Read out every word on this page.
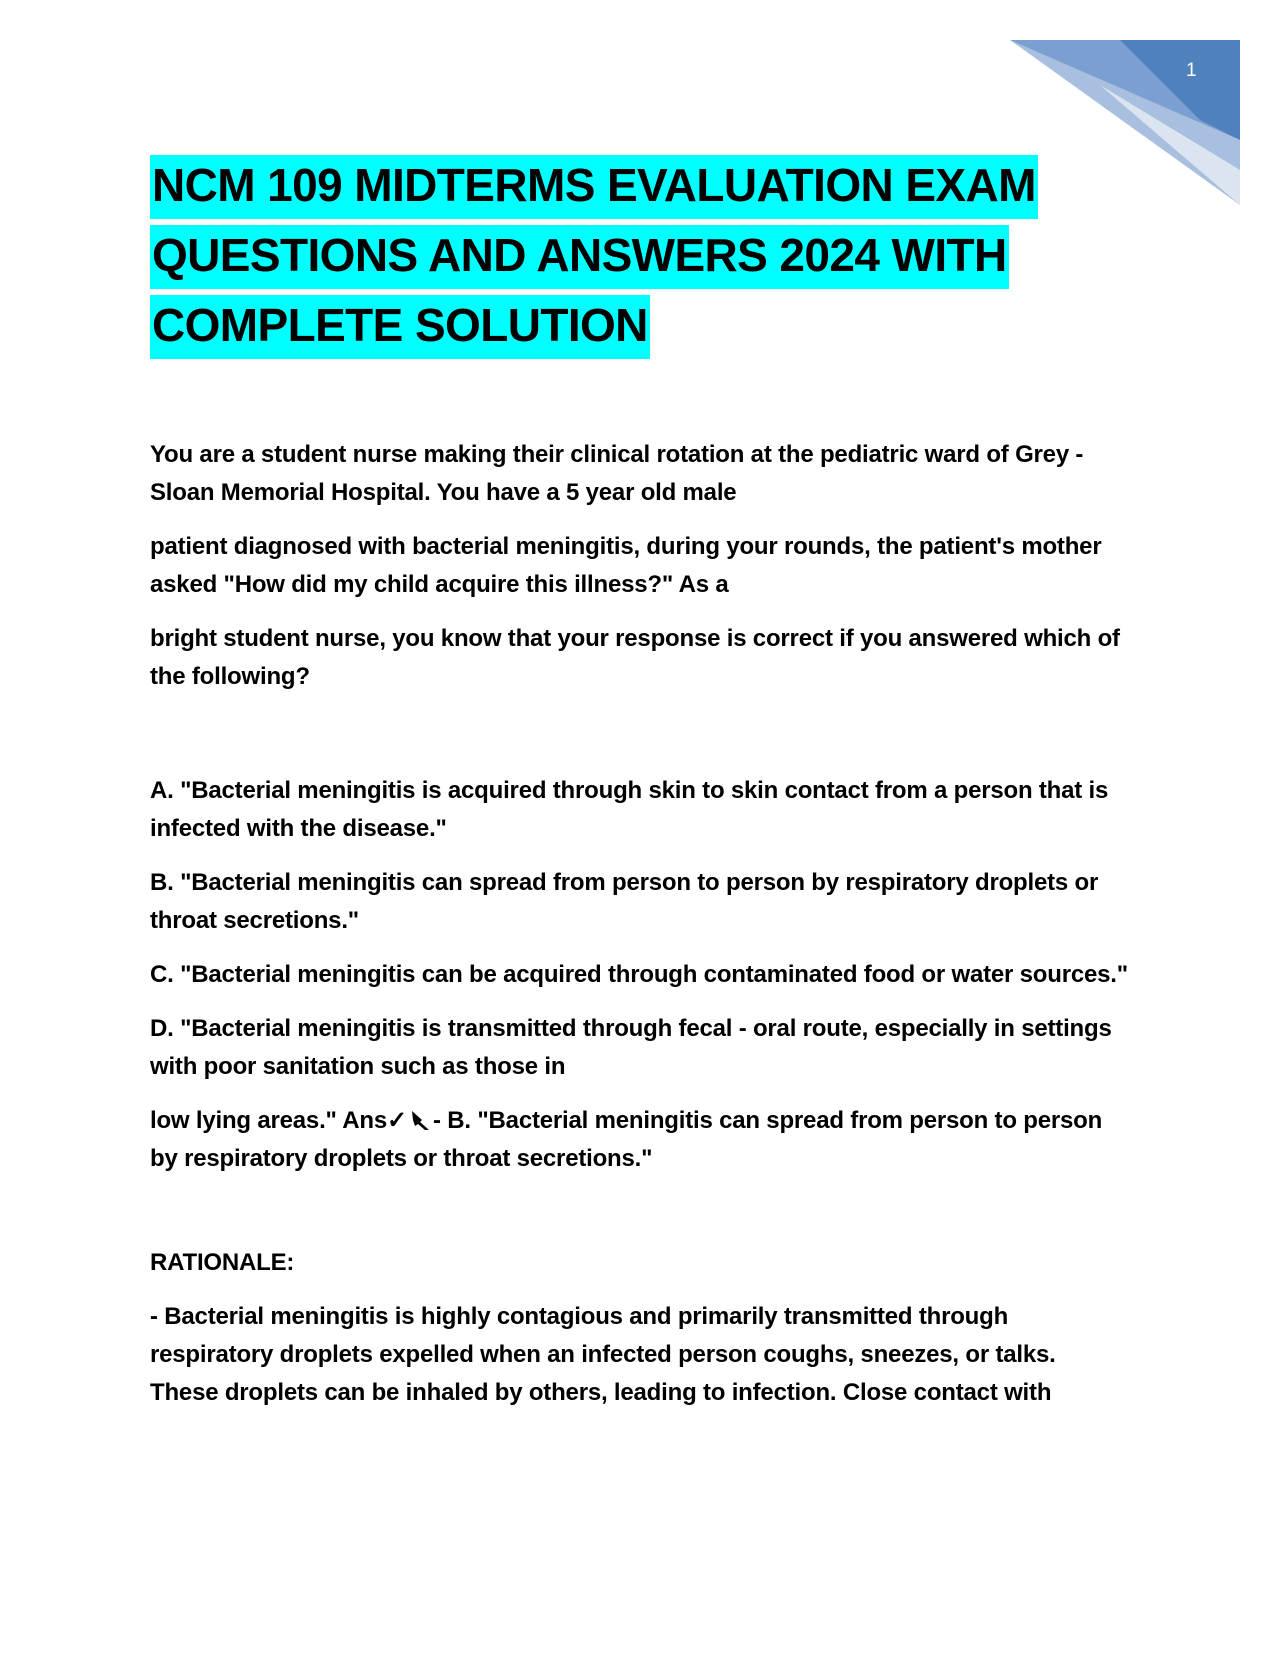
1
NCM 109 MIDTERMS EVALUATION EXAM
QUESTIONS AND ANSWERS 2024 WITH
COMPLETE SOLUTION

You are a student nurse making their clinical rotation at the pediatric ward of Grey - Sloan Memorial Hospital. You have a 5 year old male

patient diagnosed with bacterial meningitis, during your rounds, the patient's mother asked "How did my child acquire this illness?" As a

bright student nurse, you know that your response is correct if you answered which of the following?

A. "Bacterial meningitis is acquired through skin to skin contact from a person that is infected with the disease."

B. "Bacterial meningitis can spread from person to person by respiratory droplets or throat secretions."

C. "Bacterial meningitis can be acquired through contaminated food or water sources."

D. "Bacterial meningitis is transmitted through fecal - oral route, especially in settings with poor sanitation such as those in

low lying areas." Ans✓ - B. "Bacterial meningitis can spread from person to person by respiratory droplets or throat secretions."

RATIONALE:

- Bacterial meningitis is highly contagious and primarily transmitted through respiratory droplets expelled when an infected person coughs, sneezes, or talks. These droplets can be inhaled by others, leading to infection. Close contact with
